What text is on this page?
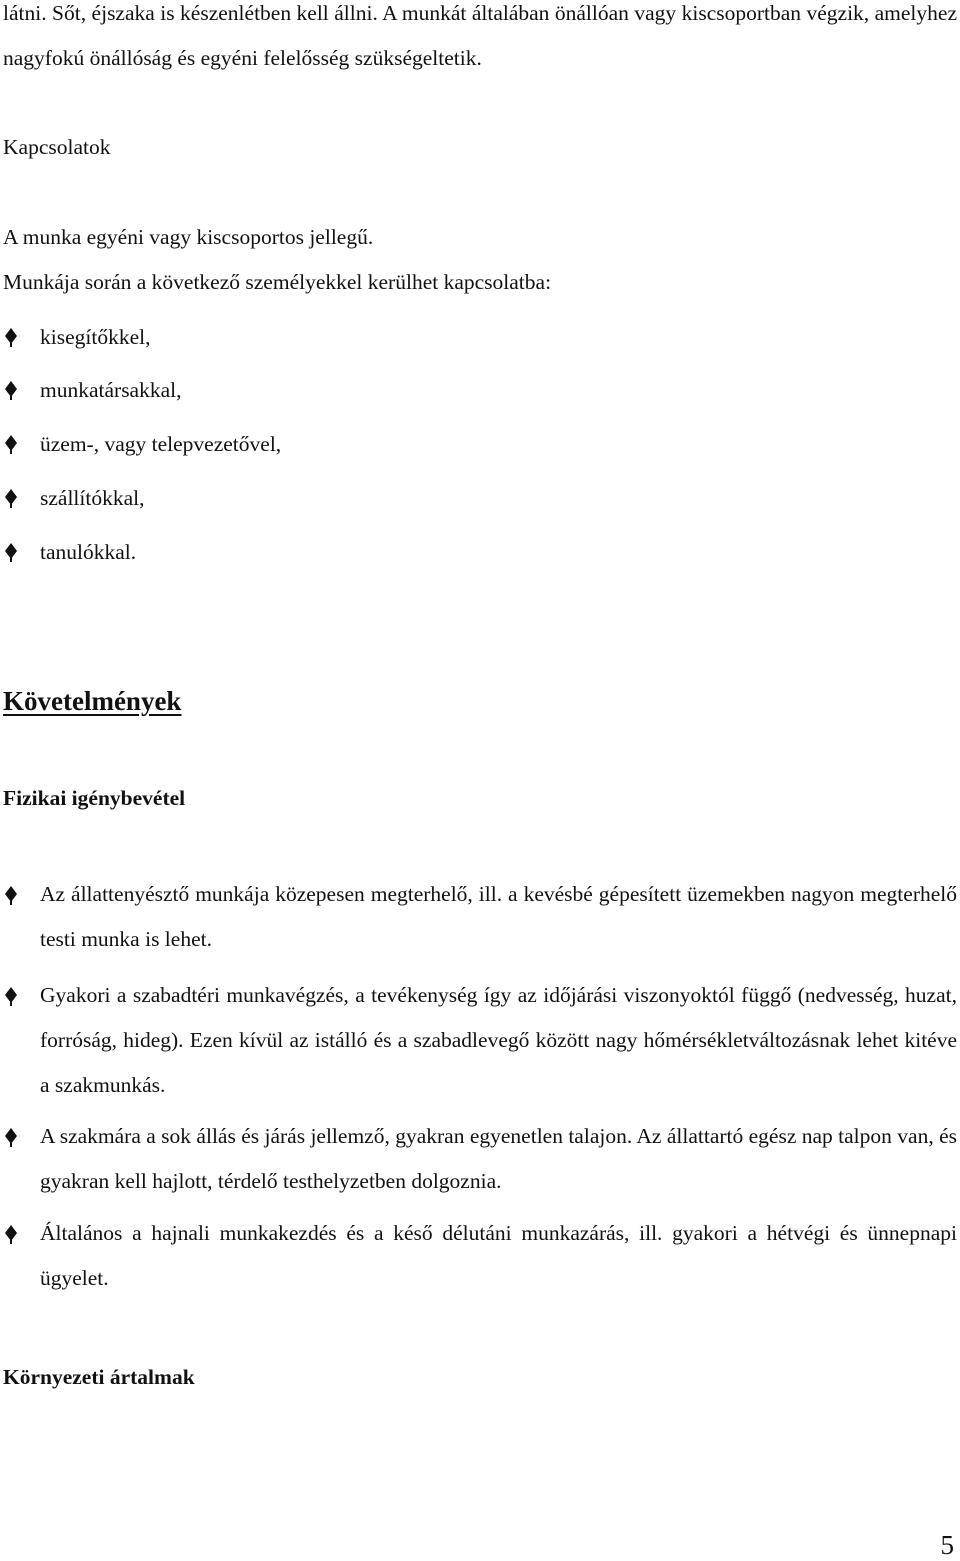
látni. Sőt, éjszaka is készenlétben kell állni. A munkát általában önállóan vagy kiscsoportban végzik, amelyhez nagyfokú önállóság és egyéni felelősség szükségeltetik.

Kapcsolatok
A munka egyéni vagy kiscsoportos jellegű.
Munkája során a következő személyekkel kerülhet kapcsolatba:
kisegítőkkel,
munkatársakkal,
üzem-, vagy telepvezetővel,
szállítókkal,
tanulókkal.
Követelmények
Fizikai igénybevétel
Az állattenyésztő munkája közepesen megterhelő, ill. a kevésbé gépesített üzemekben nagyon megterhelő testi munka is lehet.
Gyakori a szabadtéri munkavégzés, a tevékenység így az időjárási viszonyoktól függő (nedvesség, huzat, forróság, hideg). Ezen kívül az istálló és a szabadlevegő között nagy hőmérsékletváltozásnak lehet kitéve a szakmunkás.
A szakmára a sok állás és járás jellemző, gyakran egyenetlen talajon. Az állattartó egész nap talpon van, és gyakran kell hajlott, térdelő testhelyzetben dolgoznia.
Általános a hajnali munkakezdés és a késő délutáni munkazárás, ill. gyakori a hétvégi és ünnepnapi ügyelet.
Környezeti ártalmak
5
